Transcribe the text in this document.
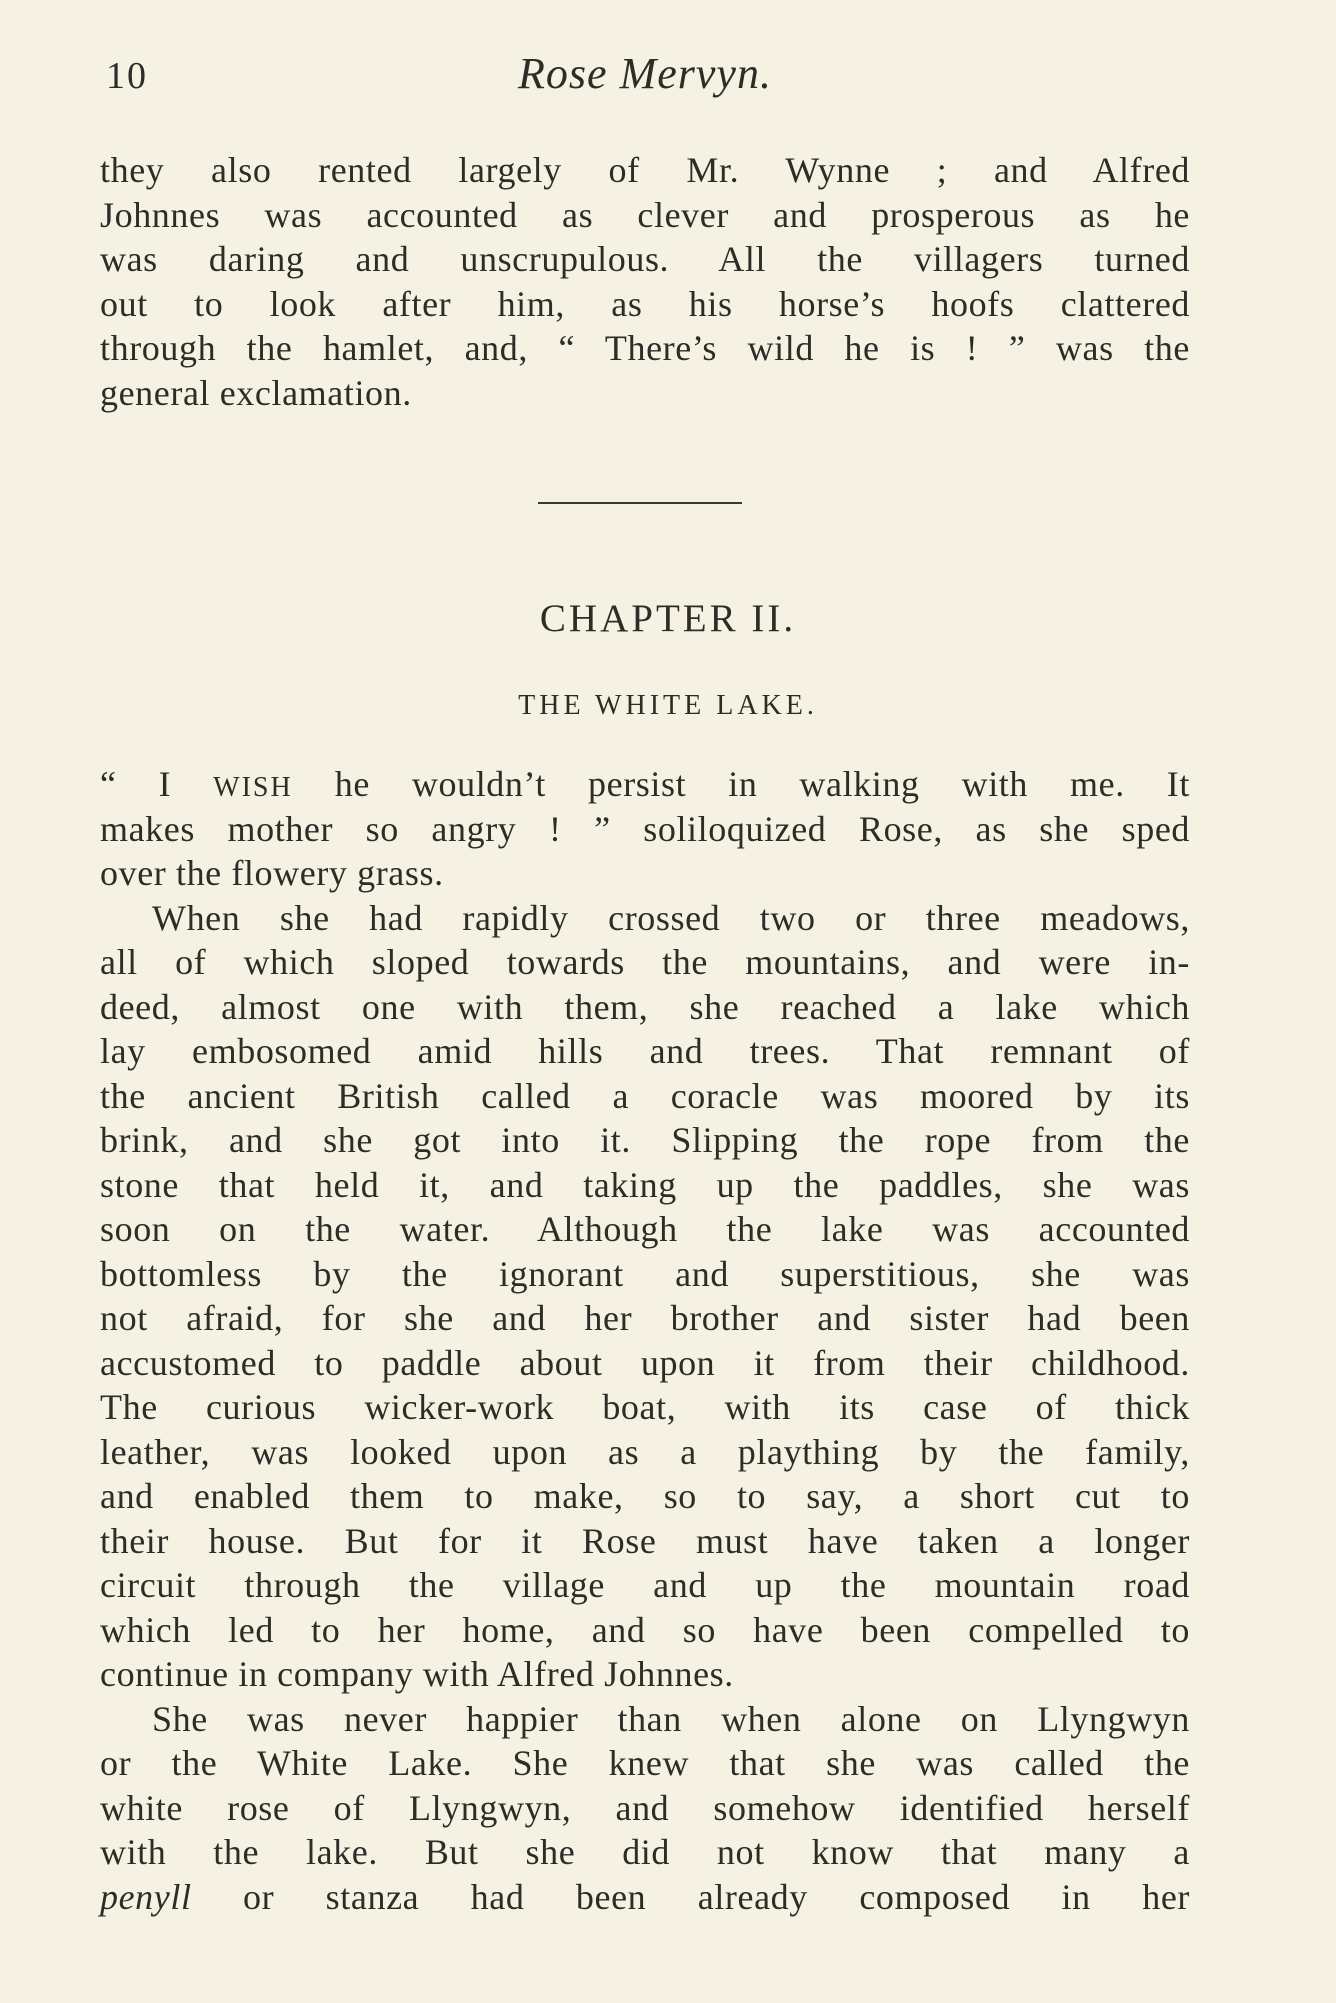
10	Rose Mervyn.
they also rented largely of Mr. Wynne ; and Alfred
Johnnes was accounted as clever and prosperous as he
was daring and unscrupulous. All the villagers turned
out to look after him, as his horse’s hoofs clattered
through the hamlet, and, “ There’s wild he is ! ” was the
general exclamation.
CHAPTER II.
THE WHITE LAKE.
“ I WISH he wouldn’t persist in walking with me. It
makes mother so angry ! ” soliloquized Rose, as she sped
over the flowery grass.
When she had rapidly crossed two or three meadows,
all of which sloped towards the mountains, and were in-
deed, almost one with them, she reached a lake which
lay embosomed amid hills and trees. That remnant of
the ancient British called a coracle was moored by its
brink, and she got into it. Slipping the rope from the
stone that held it, and taking up the paddles, she was
soon on the water. Although the lake was accounted
bottomless by the ignorant and superstitious, she was
not afraid, for she and her brother and sister had been
accustomed to paddle about upon it from their childhood.
The curious wicker-work boat, with its case of thick
leather, was looked upon as a plaything by the family,
and enabled them to make, so to say, a short cut to
their house. But for it Rose must have taken a longer
circuit through the village and up the mountain road
which led to her home, and so have been compelled to
continue in company with Alfred Johnnes.
She was never happier than when alone on Llyngwyn
or the White Lake. She knew that she was called the
white rose of Llyngwyn, and somehow identified herself
with the lake. But she did not know that many a
penyll or stanza had been already composed in her
